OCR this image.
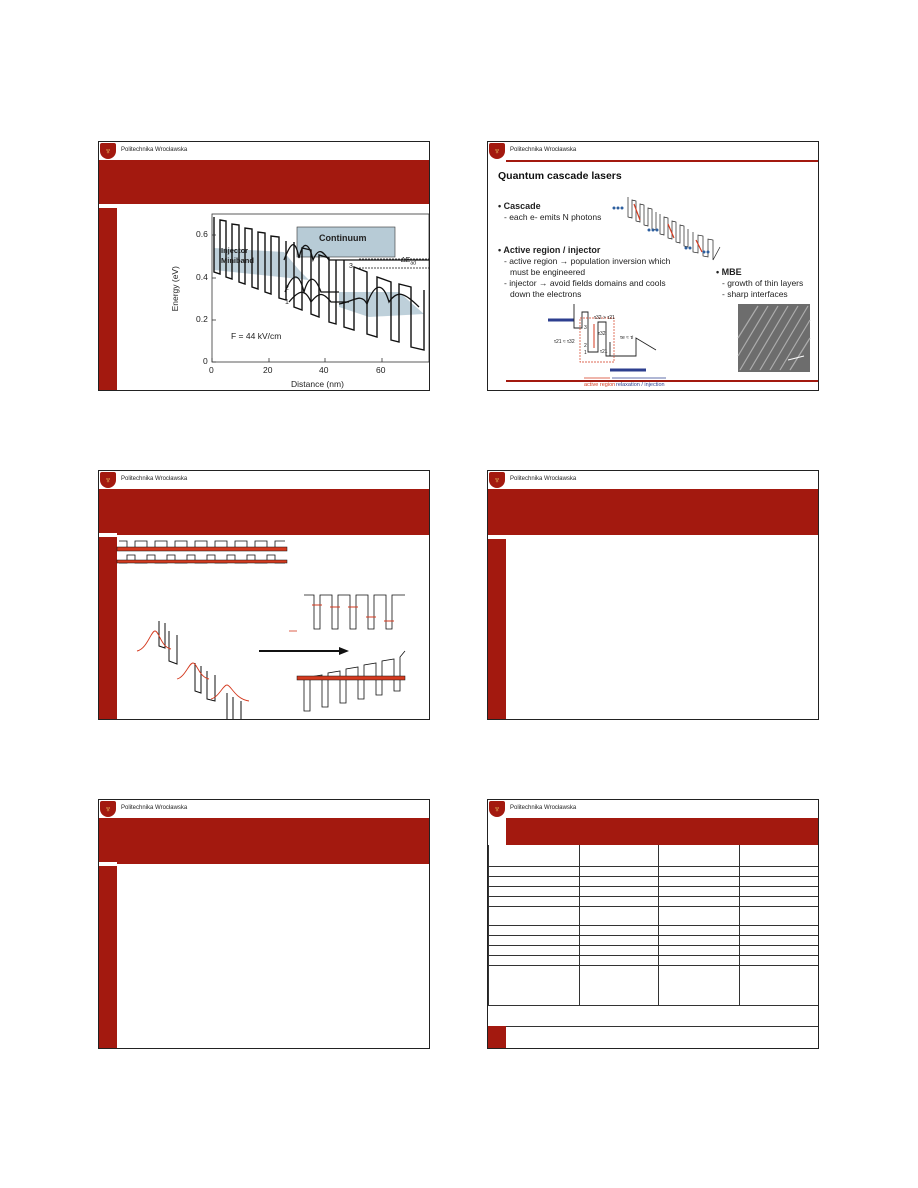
♆	Politechnika Wrocławska
0.6
0.4
0.2
0
0	20	40	60
Distance (nm)
Energy (eV)
Continuum
Injector
Miniband
F = 44 kV/cm
$\Delta E_{ad}$
3
2
1
♆	Politechnika Wrocławska
Quantum cascade lasers
• Cascade
- each e- emits N photons
• Active region / injector
- active region → population inversion which
must be engineered
- injector → avoid fields domains and cools
down the electrons
• MBE
- growth of thin layers
- sharp interfaces
τ32 > τ21
τ32
τ21 ≈ τ32
τ21
τe ≈ τi
3
2
1
active region relaxation / injection
♆	Politechnika Wrocławska	♆	Politechnika Wrocławska
♆	Politechnika Wrocławska	♆	Politechnika Wrocławska
